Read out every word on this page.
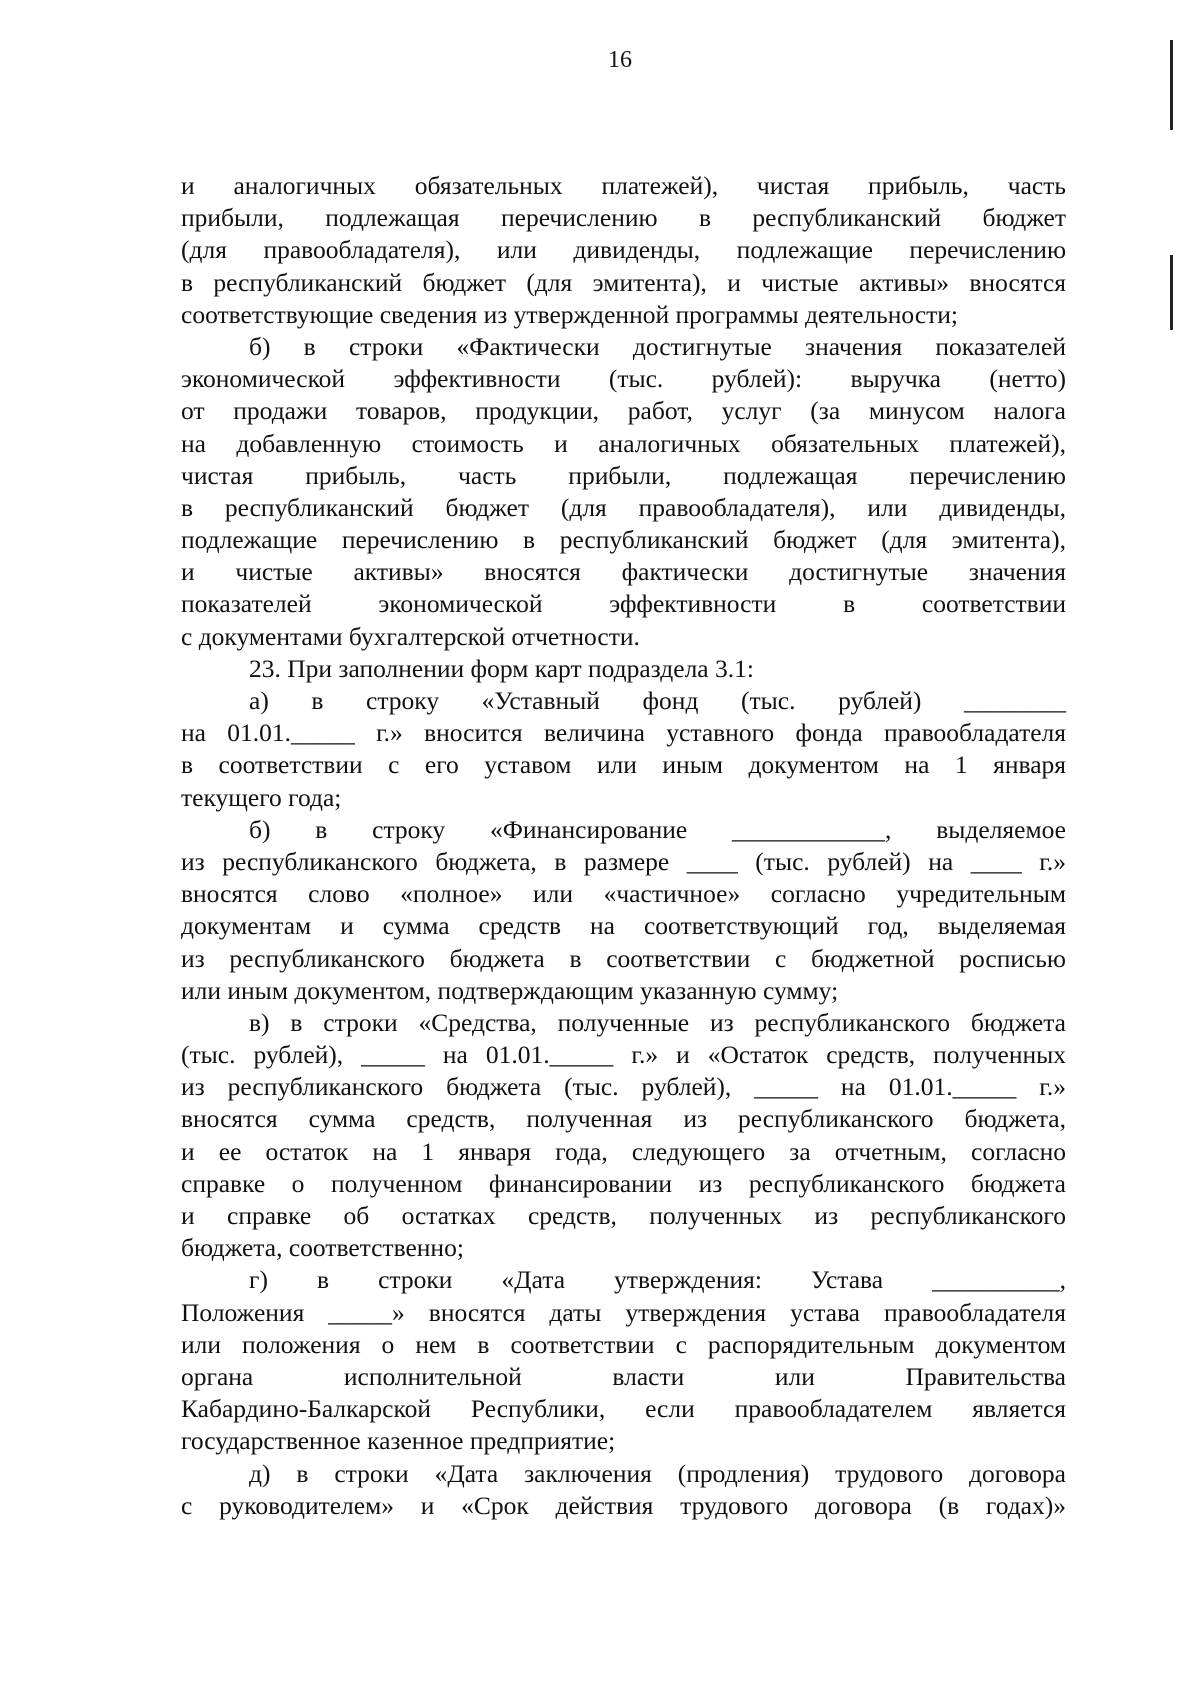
16
и аналогичных обязательных платежей), чистая прибыль, часть
прибыли, подлежащая перечислению в республиканский бюджет
(для правообладателя), или дивиденды, подлежащие перечислению
в республиканский бюджет (для эмитента), и чистые активы» вносятся
соответствующие сведения из утвержденной программы деятельности;
б) в строки «Фактически достигнутые значения показателей
экономической эффективности (тыс. рублей): выручка (нетто)
от продажи товаров, продукции, работ, услуг (за минусом налога
на добавленную стоимость и аналогичных обязательных платежей),
чистая прибыль, часть прибыли, подлежащая перечислению
в республиканский бюджет (для правообладателя), или дивиденды,
подлежащие перечислению в республиканский бюджет (для эмитента),
и чистые активы» вносятся фактически достигнутые значения
показателей экономической эффективности в соответствии
с документами бухгалтерской отчетности.
23. При заполнении форм карт подраздела 3.1:
а) в строку «Уставный фонд (тыс. рублей) ________
на 01.01._____ г.» вносится величина уставного фонда правообладателя
в соответствии с его уставом или иным документом на 1 января
текущего года;
б) в строку «Финансирование ____________, выделяемое
из республиканского бюджета, в размере ____ (тыс. рублей) на ____ г.»
вносятся слово «полное» или «частичное» согласно учредительным
документам и сумма средств на соответствующий год, выделяемая
из республиканского бюджета в соответствии с бюджетной росписью
или иным документом, подтверждающим указанную сумму;
в) в строки «Средства, полученные из республиканского бюджета
(тыс. рублей), _____ на 01.01._____ г.» и «Остаток средств, полученных
из республиканского бюджета (тыс. рублей), _____ на 01.01._____ г.»
вносятся сумма средств, полученная из республиканского бюджета,
и ее остаток на 1 января года, следующего за отчетным, согласно
справке о полученном финансировании из республиканского бюджета
и справке об остатках средств, полученных из республиканского
бюджета, соответственно;
г) в строки «Дата утверждения: Устава __________,
Положения _____» вносятся даты утверждения устава правообладателя
или положения о нем в соответствии с распорядительным документом
органа исполнительной власти или Правительства
Кабардино-Балкарской Республики, если правообладателем является
государственное казенное предприятие;
д) в строки «Дата заключения (продления) трудового договора
с руководителем» и «Срок действия трудового договора (в годах)»
